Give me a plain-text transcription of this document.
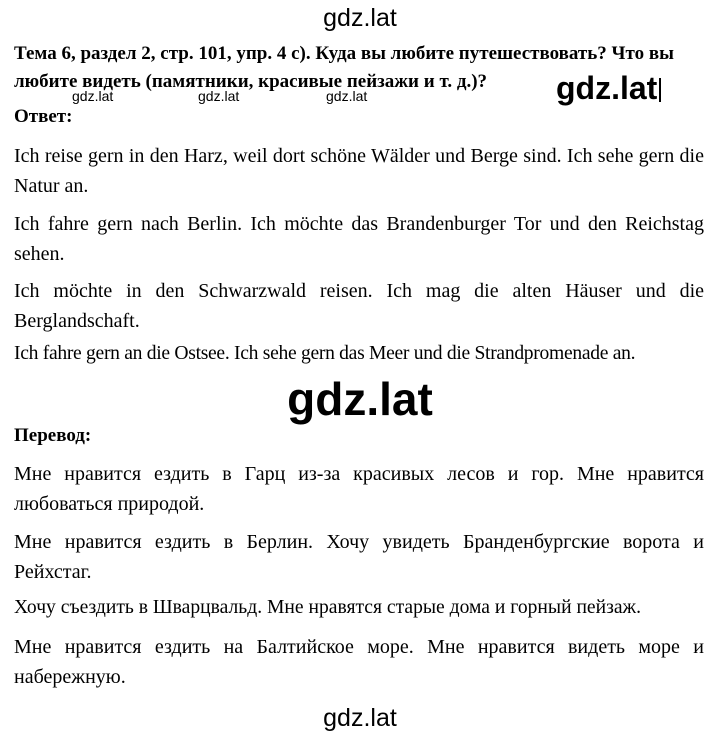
gdz.lat

Тема 6, раздел 2, стр. 101, упр. 4 с). Куда вы любите путешествовать? Что вы любите видеть (памятники, красивые пейзажи и т. д.)?

gdz.lat	gdz.lat	gdz.lat	gdz.lat

Ответ:

Ich reise gern in den Harz, weil dort schöne Wälder und Berge sind. Ich sehe gern die Natur an.

Ich fahre gern nach Berlin. Ich möchte das Brandenburger Tor und den Reichstag sehen.

Ich möchte in den Schwarzwald reisen. Ich mag die alten Häuser und die Berglandschaft.

Ich fahre gern an die Ostsee. Ich sehe gern das Meer und die Strandpromenade an.

gdz.lat

Перевод:

Мне нравится ездить в Гарц из-за красивых лесов и гор. Мне нравится любоваться природой.

Мне нравится ездить в Берлин. Хочу увидеть Бранденбургские ворота и Рейхстаг.

Хочу съездить в Шварцвальд. Мне нравятся старые дома и горный пейзаж.

Мне нравится ездить на Балтийское море. Мне нравится видеть море и набережную.

gdz.lat
